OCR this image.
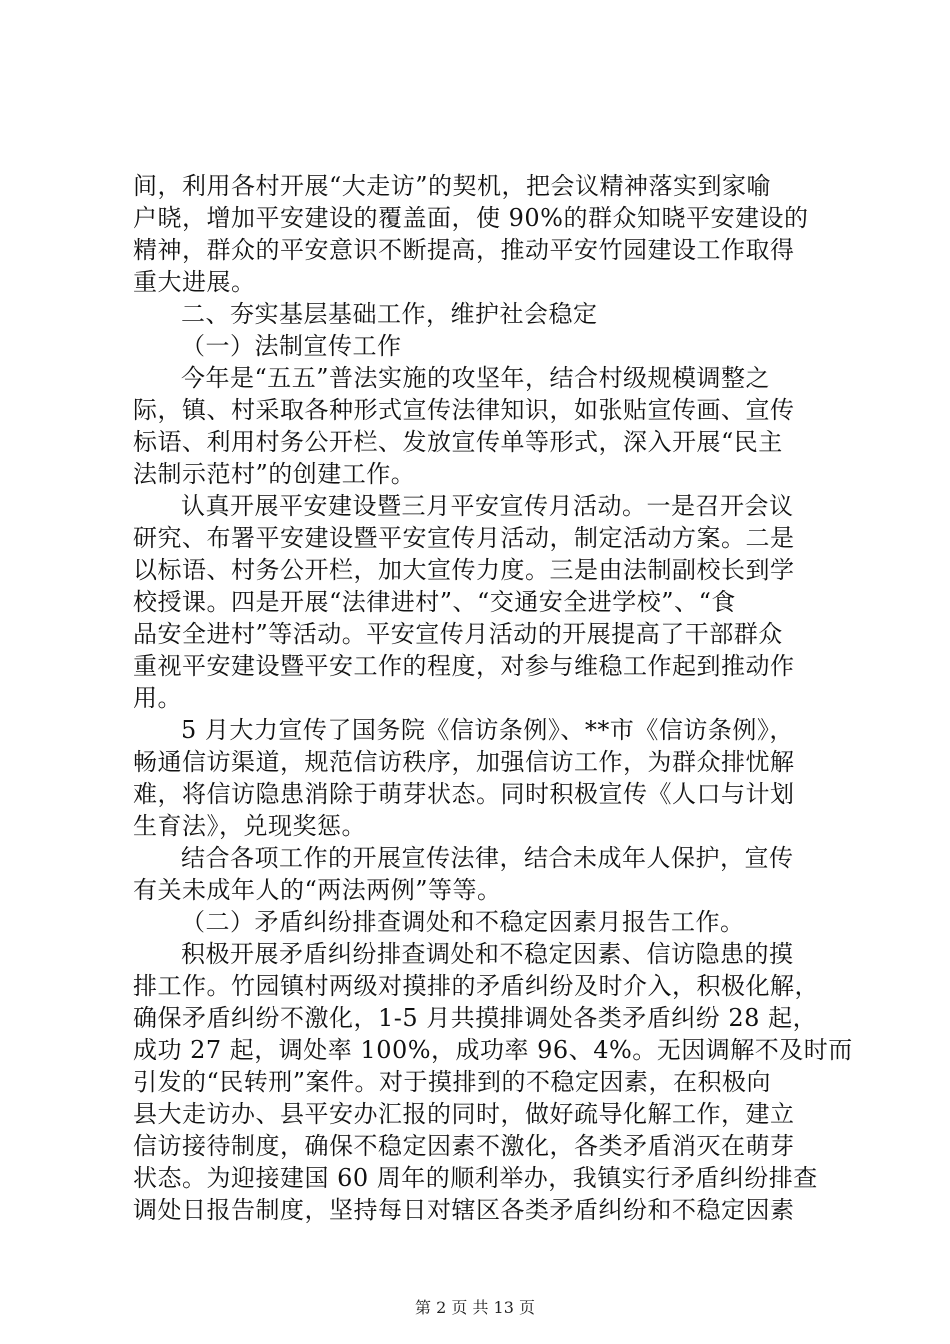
间，利用各村开展“大走访”的契机，把会议精神落实到家喻
户晓，增加平安建设的覆盖面，使 90%的群众知晓平安建设的
精神，群众的平安意识不断提高，推动平安竹园建设工作取得
重大进展。
二、夯实基层基础工作，维护社会稳定
（一）法制宣传工作
今年是“五五”普法实施的攻坚年，结合村级规模调整之
际，镇、村采取各种形式宣传法律知识，如张贴宣传画、宣传
标语、利用村务公开栏、发放宣传单等形式，深入开展“民主
法制示范村”的创建工作。
认真开展平安建设暨三月平安宣传月活动。一是召开会议
研究、布署平安建设暨平安宣传月活动，制定活动方案。二是
以标语、村务公开栏，加大宣传力度。三是由法制副校长到学
校授课。四是开展“法律进村”、“交通安全进学校”、“食
品安全进村”等活动。平安宣传月活动的开展提高了干部群众
重视平安建设暨平安工作的程度，对参与维稳工作起到推动作
用。
5 月大力宣传了国务院《信访条例》、**市《信访条例》，
畅通信访渠道，规范信访秩序，加强信访工作，为群众排忧解
难，将信访隐患消除于萌芽状态。同时积极宣传《人口与计划
生育法》，兑现奖惩。
结合各项工作的开展宣传法律，结合未成年人保护，宣传
有关未成年人的“两法两例”等等。
（二）矛盾纠纷排查调处和不稳定因素月报告工作。
积极开展矛盾纠纷排查调处和不稳定因素、信访隐患的摸
排工作。竹园镇村两级对摸排的矛盾纠纷及时介入，积极化解，
确保矛盾纠纷不激化，1-5 月共摸排调处各类矛盾纠纷 28 起，
成功 27 起，调处率 100%，成功率 96、4%。无因调解不及时而
引发的“民转刑”案件。对于摸排到的不稳定因素，在积极向
县大走访办、县平安办汇报的同时，做好疏导化解工作，建立
信访接待制度，确保不稳定因素不激化，各类矛盾消灭在萌芽
状态。为迎接建国 60 周年的顺利举办，我镇实行矛盾纠纷排查
调处日报告制度，坚持每日对辖区各类矛盾纠纷和不稳定因素
第 2 页 共 13 页
